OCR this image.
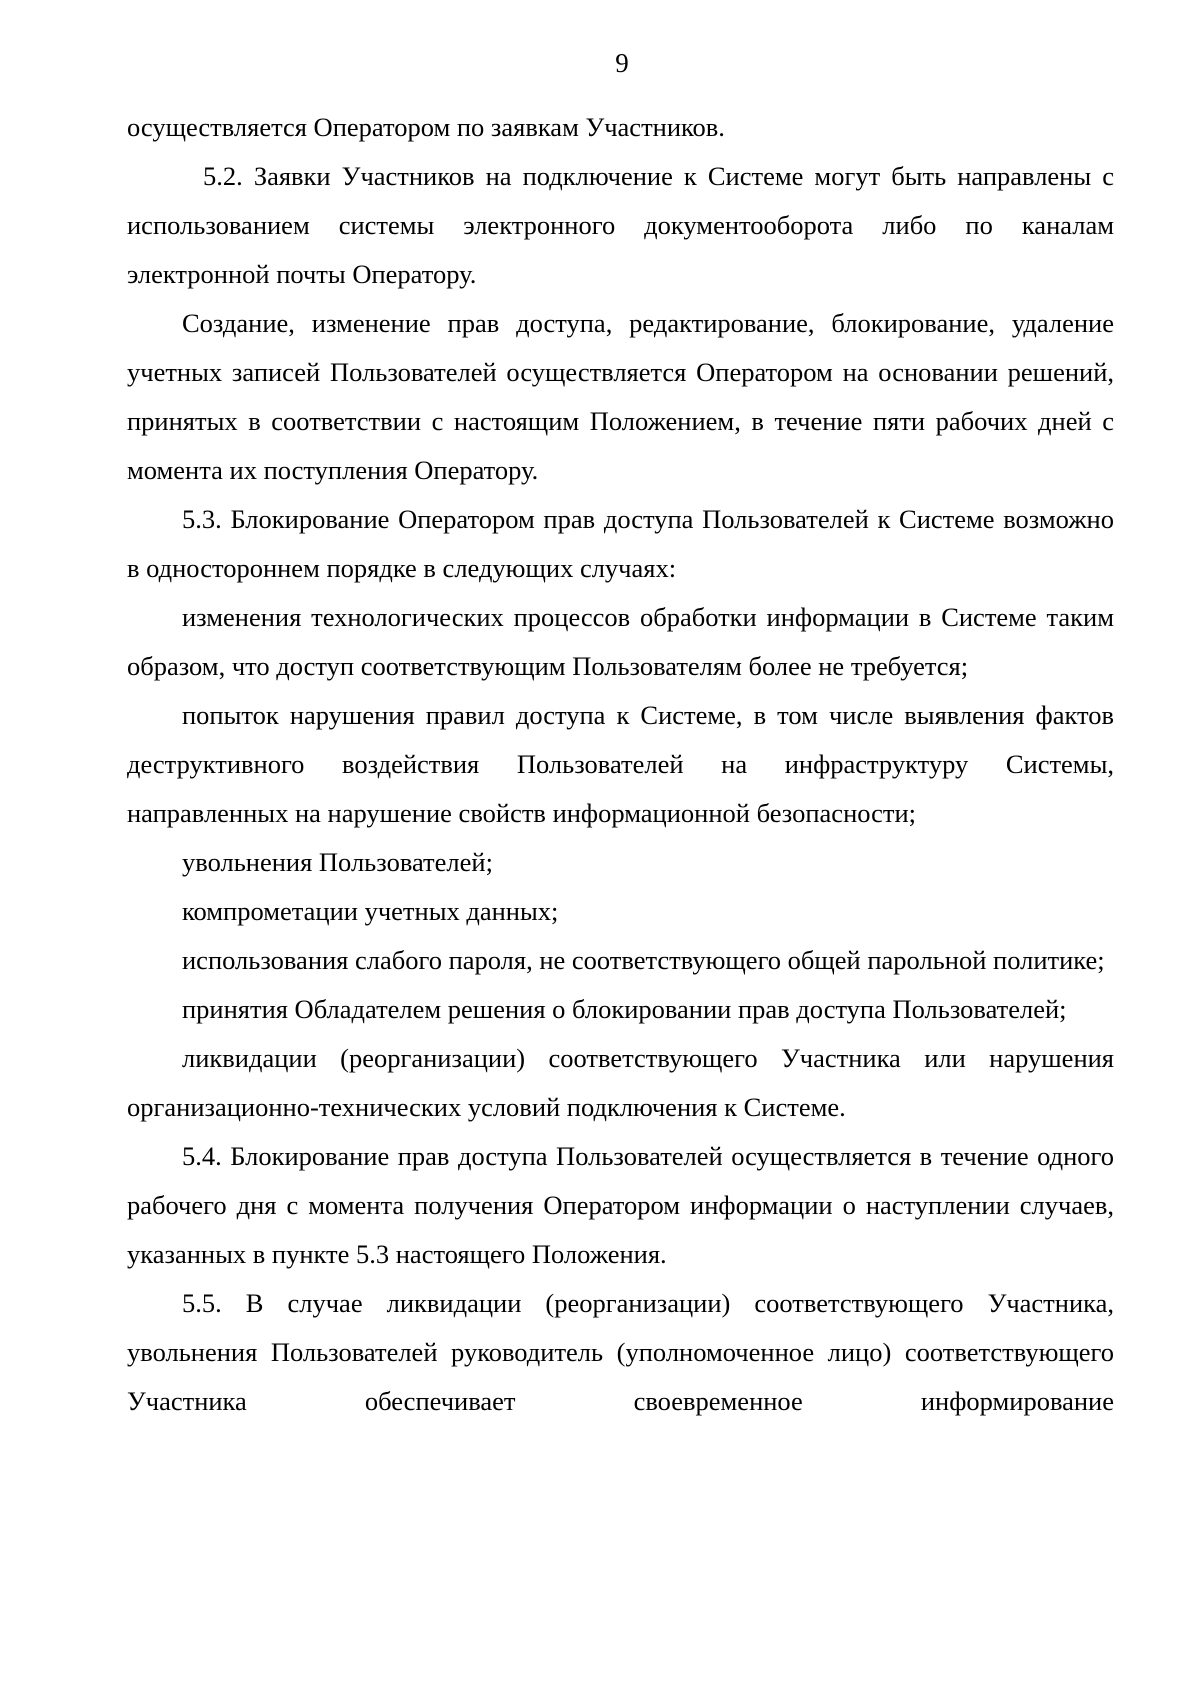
9

осуществляется Оператором по заявкам Участников.

5.2. Заявки Участников на подключение к Системе могут быть направлены с использованием системы электронного документооборота либо по каналам электронной почты Оператору.

Создание, изменение прав доступа, редактирование, блокирование, удаление учетных записей Пользователей осуществляется Оператором на основании решений, принятых в соответствии с настоящим Положением, в течение пяти рабочих дней с момента их поступления Оператору.

5.3. Блокирование Оператором прав доступа Пользователей к Системе возможно в одностороннем порядке в следующих случаях:

изменения технологических процессов обработки информации в Системе таким образом, что доступ соответствующим Пользователям более не требуется;

попыток нарушения правил доступа к Системе, в том числе выявления фактов деструктивного воздействия Пользователей на инфраструктуру Системы, направленных на нарушение свойств информационной безопасности;

увольнения Пользователей;

компрометации учетных данных;

использования слабого пароля, не соответствующего общей парольной политике;

принятия Обладателем решения о блокировании прав доступа Пользователей;

ликвидации (реорганизации) соответствующего Участника или нарушения организационно-технических условий подключения к Системе.

5.4. Блокирование прав доступа Пользователей осуществляется в течение одного рабочего дня с момента получения Оператором информации о наступлении случаев, указанных в пункте 5.3 настоящего Положения.

5.5. В случае ликвидации (реорганизации) соответствующего Участника, увольнения Пользователей руководитель (уполномоченное лицо) соответствующего Участника обеспечивает своевременное информирование
